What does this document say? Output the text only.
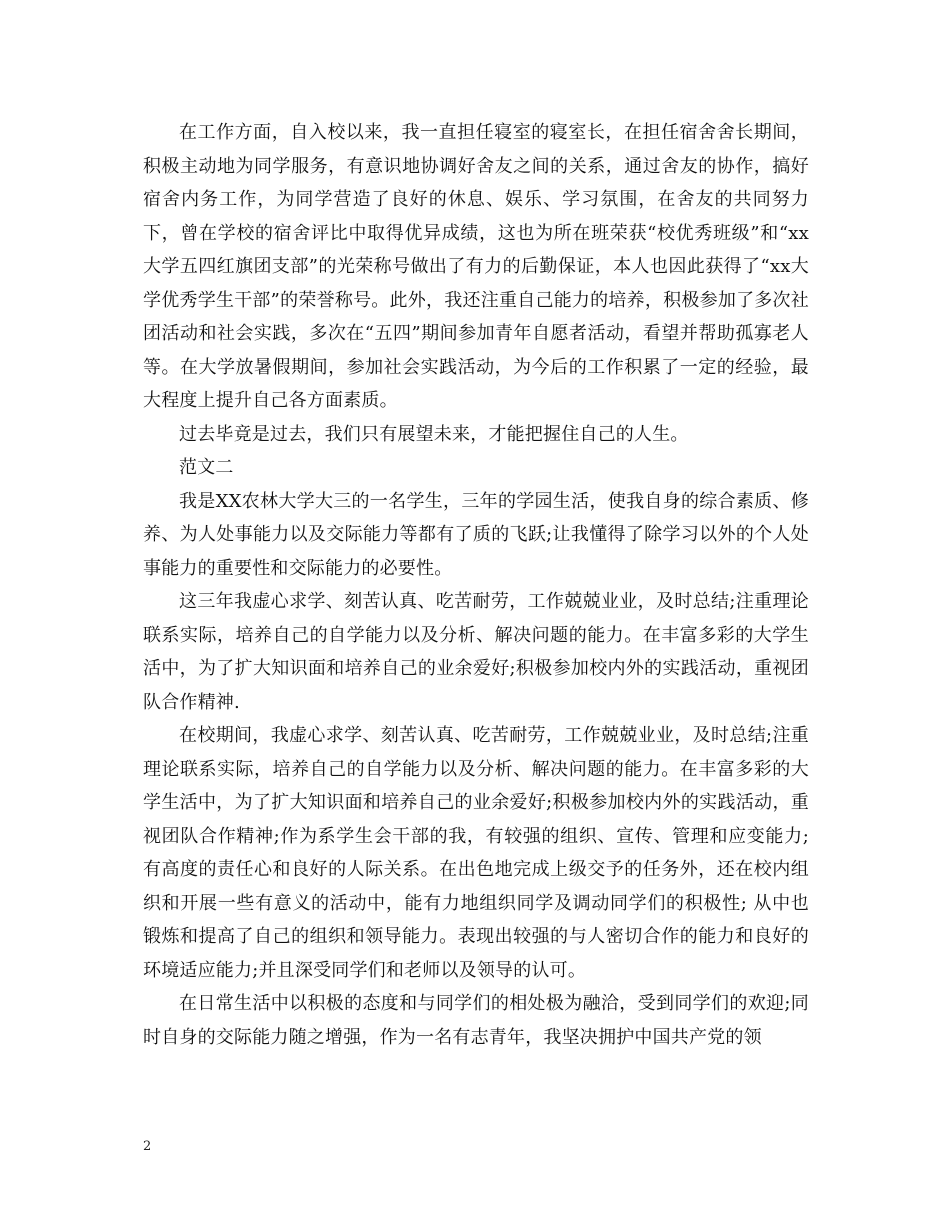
在工作方面，自入校以来，我一直担任寝室的寝室长，在担任宿舍舍长期间，积极主动地为同学服务，有意识地协调好舍友之间的关系，通过舍友的协作，搞好宿舍内务工作，为同学营造了良好的休息、娱乐、学习氛围，在舍友的共同努力下，曾在学校的宿舍评比中取得优异成绩，这也为所在班荣获“校优秀班级”和“xx大学五四红旗团支部”的光荣称号做出了有力的后勤保证，本人也因此获得了“xx大学优秀学生干部”的荣誉称号。此外，我还注重自己能力的培养，积极参加了多次社团活动和社会实践，多次在“五四”期间参加青年自愿者活动，看望并帮助孤寡老人等。在大学放暑假期间，参加社会实践活动，为今后的工作积累了一定的经验，最大程度上提升自己各方面素质。

过去毕竟是过去，我们只有展望未来，才能把握住自己的人生。

范文二

我是XX农林大学大三的一名学生，三年的学园生活，使我自身的综合素质、修养、为人处事能力以及交际能力等都有了质的飞跃;让我懂得了除学习以外的个人处事能力的重要性和交际能力的必要性。

这三年我虚心求学、刻苦认真、吃苦耐劳，工作兢兢业业，及时总结;注重理论联系实际，培养自己的自学能力以及分析、解决问题的能力。在丰富多彩的大学生活中，为了扩大知识面和培养自己的业余爱好;积极参加校内外的实践活动，重视团队合作精神.

在校期间，我虚心求学、刻苦认真、吃苦耐劳，工作兢兢业业，及时总结;注重理论联系实际，培养自己的自学能力以及分析、解决问题的能力。在丰富多彩的大学生活中，为了扩大知识面和培养自己的业余爱好;积极参加校内外的实践活动，重视团队合作精神;作为系学生会干部的我，有较强的组织、宣传、管理和应变能力;有高度的责任心和良好的人际关系。在出色地完成上级交予的任务外，还在校内组织和开展一些有意义的活动中，能有力地组织同学及调动同学们的积极性; 从中也锻炼和提高了自己的组织和领导能力。表现出较强的与人密切合作的能力和良好的环境适应能力;并且深受同学们和老师以及领导的认可。

在日常生活中以积极的态度和与同学们的相处极为融洽，受到同学们的欢迎;同时自身的交际能力随之增强，作为一名有志青年，我坚决拥护中国共产党的领

2
